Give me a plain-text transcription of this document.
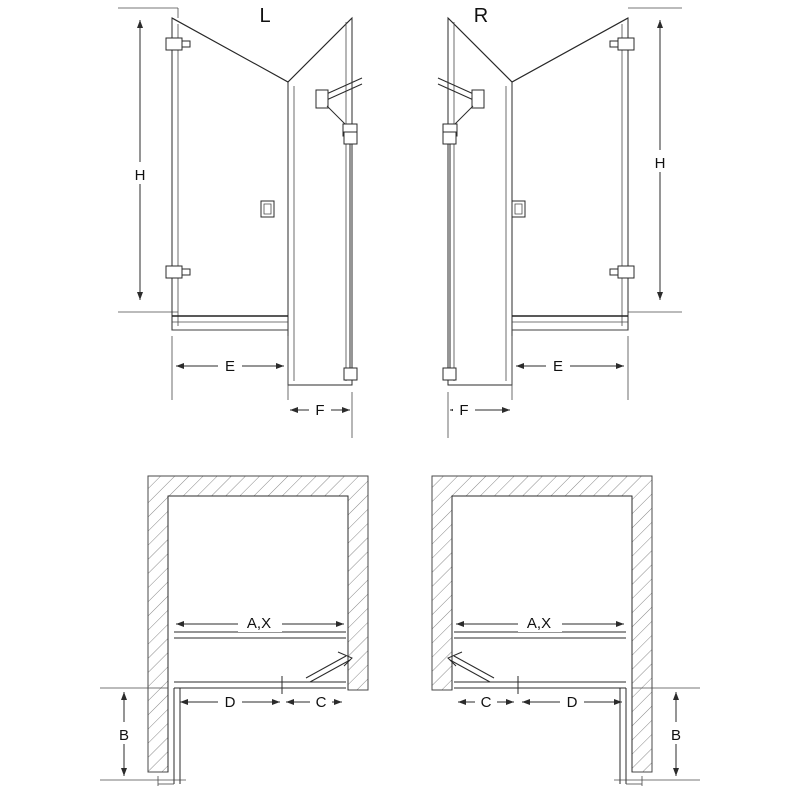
L
H
E
F
R
H
E
F
A,X
D	C
B
A,X
C	D
B
